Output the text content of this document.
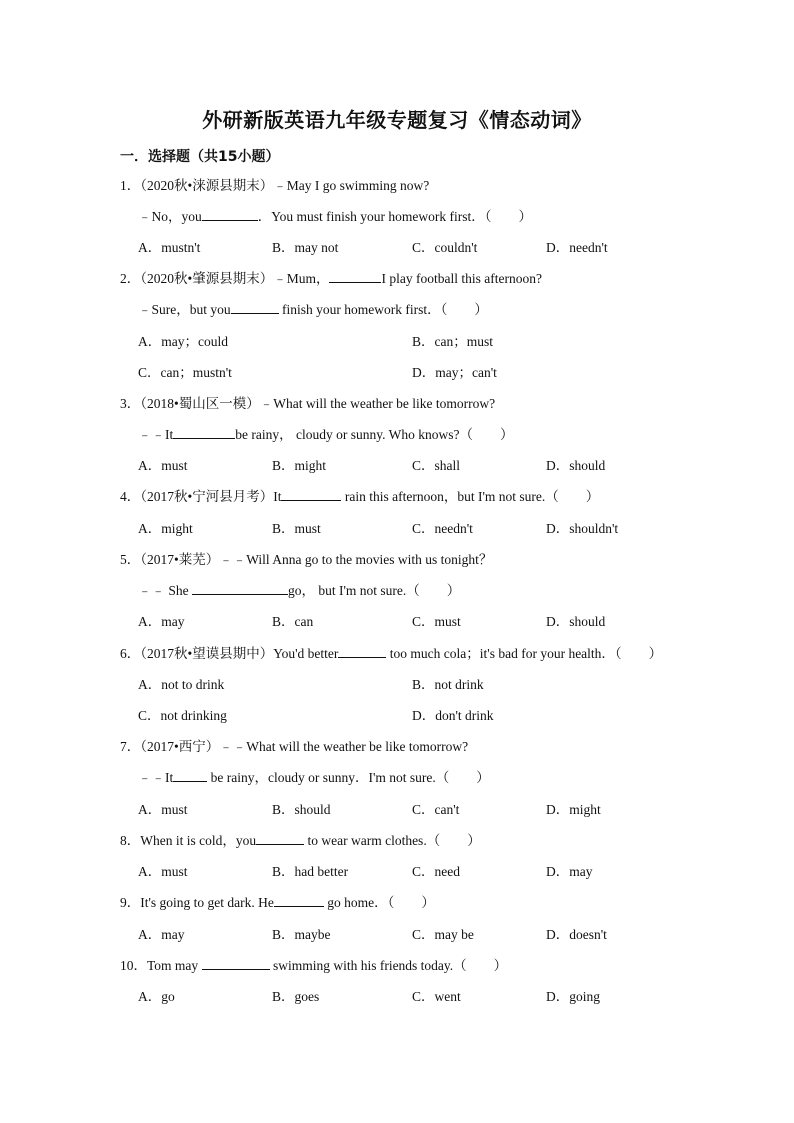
外研新版英语九年级专题复习《情态动词》
一．选择题（共15小题）
1．（2020秋•涞源县期末）﹣May I go swimming now?
﹣No，you	．You must finish your homework first．（　　）
A．mustn't	B．may not	C．couldn't	D．needn't
2．（2020秋•肇源县期末）﹣Mum，	I play football this afternoon?
﹣Sure，but you	finish your homework first．（　　）
A．may；could	B．can；must
C．can；mustn't	D．may；can't
3．（2018•蜀山区一模）﹣What will the weather be like tomorrow?
﹣﹣It	be rainy， cloudy or sunny. Who knows?（　　）
A．must	B．might	C．shall	D．should
4．（2017秋•宁河县月考）It	rain this afternoon，but I'm not sure.（　　）
A．might	B．must	C．needn't	D．shouldn't
5．（2017•莱芜）﹣﹣Will Anna go to the movies with us tonight？
﹣﹣ She	go， but I'm not sure.（　　）
A．may	B．can	C．must	D．should
6．（2017秋•望谟县期中）You'd better	too much cola；it's bad for your health．（　　）
A．not to drink	B．not drink
C．not drinking	D．don't drink
7．（2017•西宁）﹣﹣What will the weather be like tomorrow?
﹣﹣It	be rainy，cloudy or sunny．I'm not sure.（　　）
A．must	B．should	C．can't	D．might
8．When it is cold，you	to wear warm clothes.（　　）
A．must	B．had better	C．need	D．may
9．It's going to get dark. He	go home．（　　）
A．may	B．maybe	C．may be	D．doesn't
10．Tom may	swimming with his friends today.（　　）
A．go	B．goes	C．went	D．going
